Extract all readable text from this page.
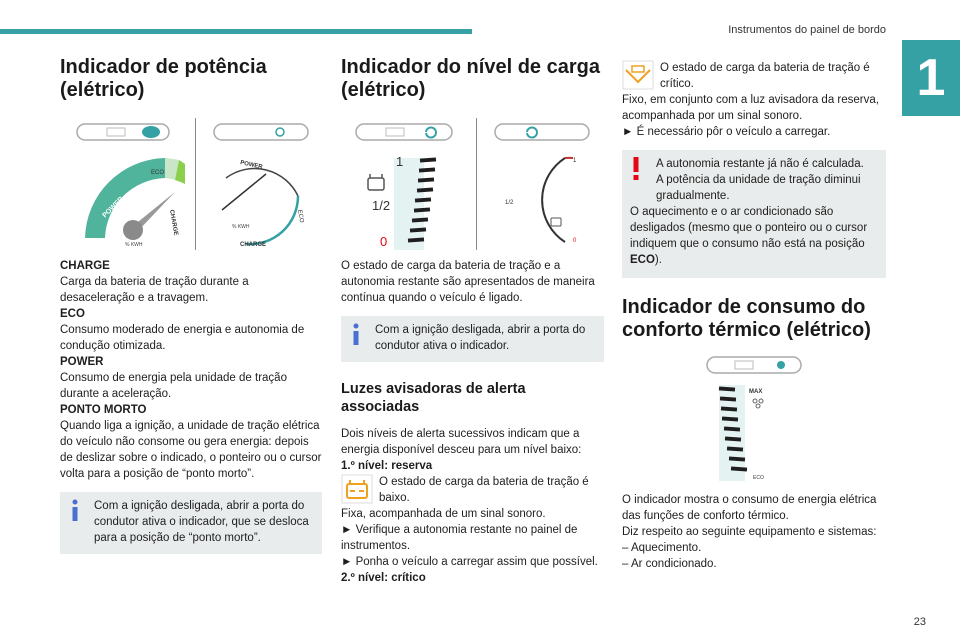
Instrumentos do painel de bordo
1
23
Indicador de potência (elétrico)
POWER
ECO
CHARGE
% KWH
POWER
ECO
CHARGE
% KWH

CHARGE

Carga da bateria de tração durante a desaceleração e a travagem.

ECO

Consumo moderado de energia e autonomia de condução otimizada.

POWER

Consumo de energia pela unidade de tração durante a aceleração.

PONTO MORTO

Quando liga a ignição, a unidade de tração elétrica do veículo não consome ou gera energia: depois de deslizar sobre o indicado, o ponteiro ou o cursor volta para a posição de “ponto morto”.

Com a ignição desligada, abrir a porta do condutor ativa o indicador, que se desloca para a posição de “ponto morto”.

Indicador do nível de carga (elétrico)
1
1/2
0
1
1/2
0

O estado de carga da bateria de tração e a autonomia restante são apresentados de maneira contínua quando o veículo é ligado.

Com a ignição desligada, abrir a porta do condutor ativa o indicador.

Luzes avisadoras de alerta associadas

Dois níveis de alerta sucessivos indicam que a energia disponível desceu para um nível baixo:

1.º nível: reserva

O estado de carga da bateria de tração é baixo.

Fixa, acompanhada de um sinal sonoro.

► Verifique a autonomia restante no painel de instrumentos.

► Ponha o veículo a carregar assim que possível.

2.º nível: crítico

O estado de carga da bateria de tração é crítico.

Fixo, em conjunto com a luz avisadora da reserva, acompanhada por um sinal sonoro.

► É necessário pôr o veículo a carregar.

A autonomia restante já não é calculada.

A potência da unidade de tração diminui gradualmente.

O aquecimento e o ar condicionado são desligados (mesmo que o ponteiro ou o cursor indiquem que o consumo não está na posição ECO).

Indicador de consumo do conforto térmico (elétrico)
MAX
ECO

O indicador mostra o consumo de energia elétrica das funções de conforto térmico.

Diz respeito ao seguinte equipamento e sistemas:

– Aquecimento.

– Ar condicionado.
